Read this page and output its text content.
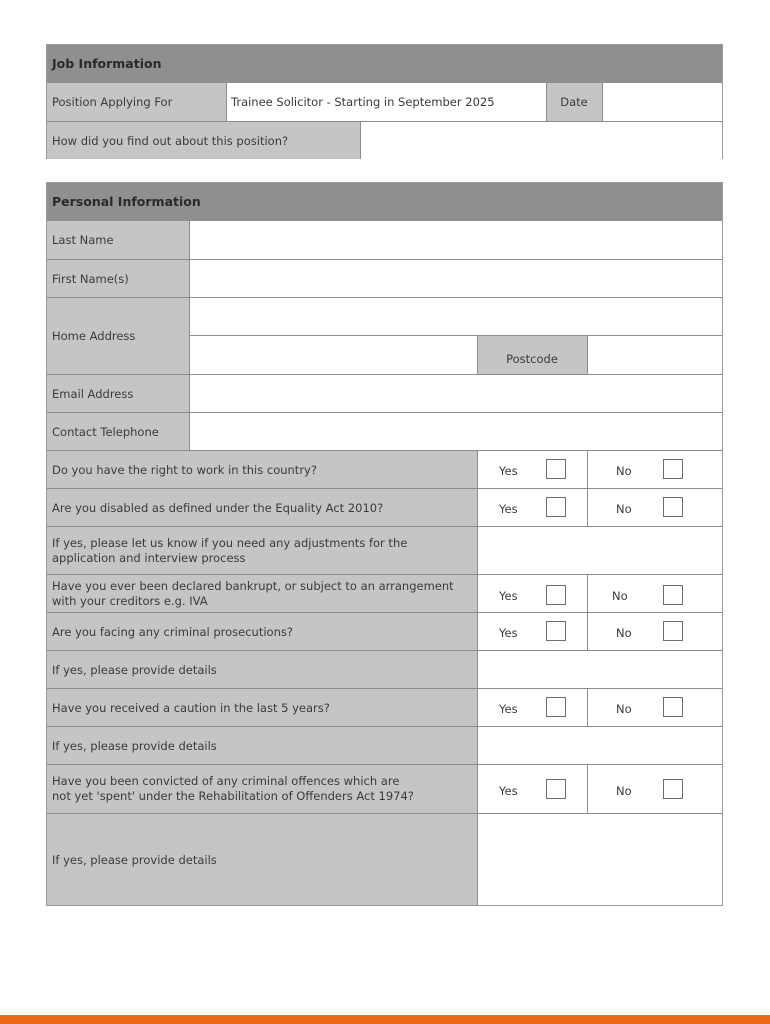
Job Information
Position Applying For	Trainee Solicitor - Starting in September 2025	Date
How did you find out about this position?
Personal Information
Last Name
First Name(s)
Home Address
Postcode
Email Address
Contact Telephone
Do you have the right to work in this country?	Yes	No
Are you disabled as defined under the Equality Act 2010?	Yes	No
If yes, please let us know if you need any adjustments for the
application and interview process
Have you ever been declared bankrupt, or subject to an arrangement
with your creditors e.g. IVA	Yes	No
Are you facing any criminal prosecutions?	Yes	No
If yes, please provide details
Have you received a caution in the last 5 years?	Yes	No
If yes, please provide details
Have you been convicted of any criminal offences which are
not yet 'spent' under the Rehabilitation of Offenders Act 1974?	Yes	No
If yes, please provide details
